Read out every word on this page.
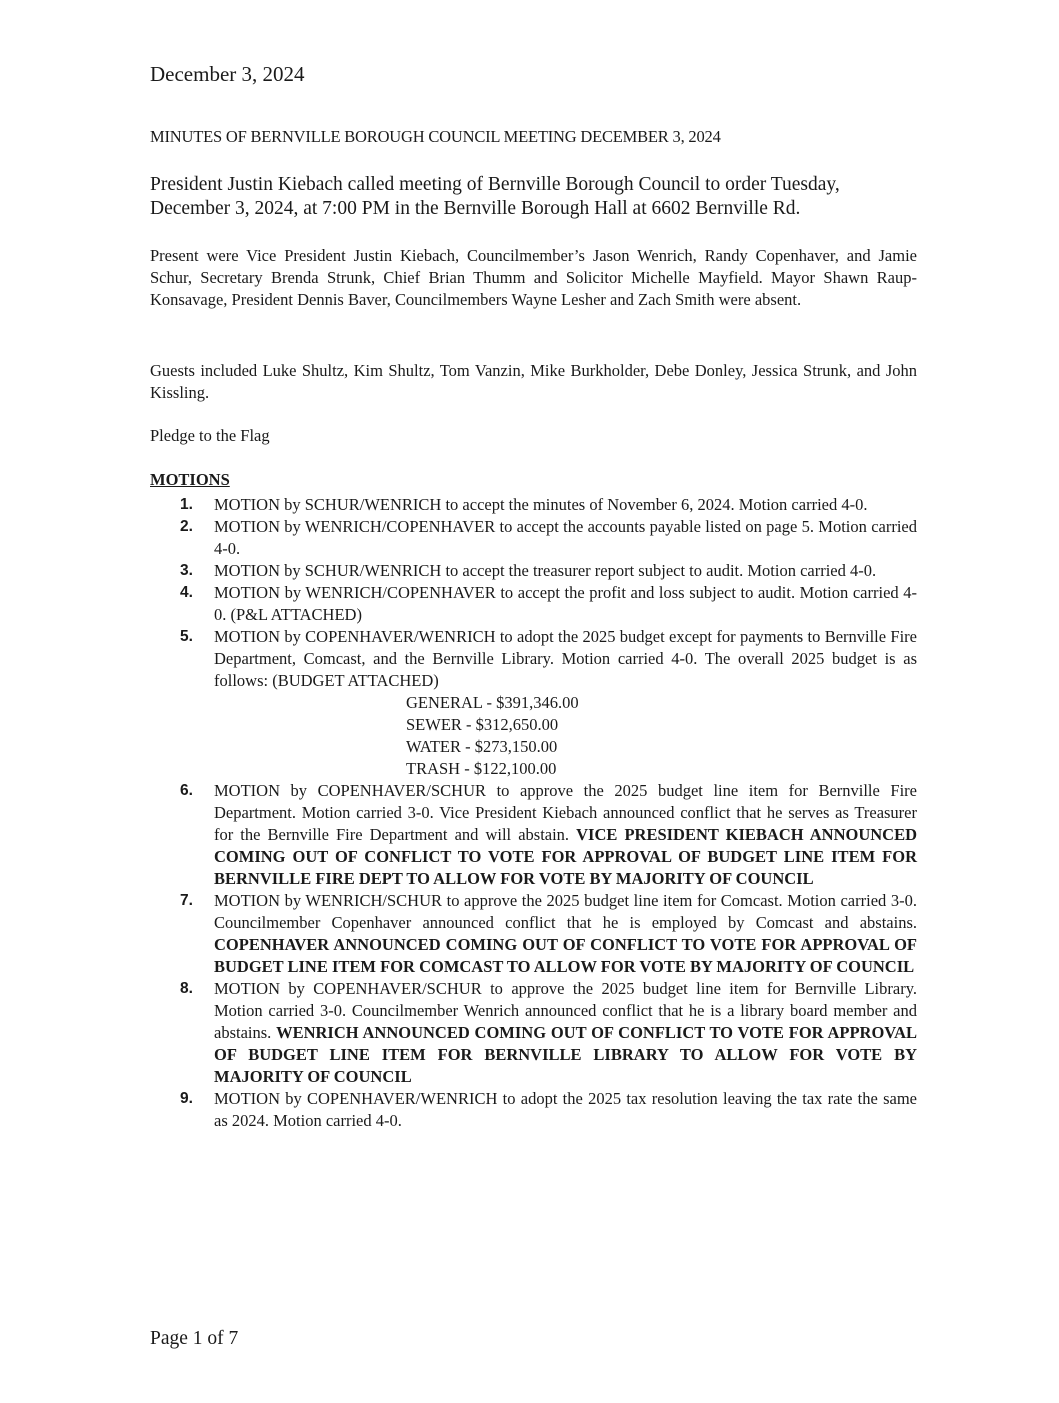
December 3, 2024

MINUTES OF BERNVILLE BOROUGH COUNCIL MEETING DECEMBER 3, 2024

President Justin Kiebach called meeting of Bernville Borough Council to order Tuesday, December 3, 2024, at 7:00 PM in the Bernville Borough Hall at 6602 Bernville Rd.

Present were Vice President Justin Kiebach, Councilmember’s Jason Wenrich, Randy Copenhaver, and Jamie Schur, Secretary Brenda Strunk, Chief Brian Thumm and Solicitor Michelle Mayfield. Mayor Shawn Raup-Konsavage, President Dennis Baver, Councilmembers Wayne Lesher and Zach Smith were absent.

Guests included Luke Shultz, Kim Shultz, Tom Vanzin, Mike Burkholder, Debe Donley, Jessica Strunk, and John Kissling.

Pledge to the Flag

MOTIONS

1. MOTION by SCHUR/WENRICH to accept the minutes of November 6, 2024. Motion carried 4-0.
2. MOTION by WENRICH/COPENHAVER to accept the accounts payable listed on page 5. Motion carried 4-0.
3. MOTION by SCHUR/WENRICH to accept the treasurer report subject to audit. Motion carried 4-0.
4. MOTION by WENRICH/COPENHAVER to accept the profit and loss subject to audit. Motion carried 4-0. (P&L ATTACHED)
5. MOTION by COPENHAVER/WENRICH to adopt the 2025 budget except for payments to Bernville Fire Department, Comcast, and the Bernville Library. Motion carried 4-0. The overall 2025 budget is as follows: (BUDGET ATTACHED)
GENERAL - $391,346.00
SEWER - $312,650.00
WATER - $273,150.00
TRASH - $122,100.00
6. MOTION by COPENHAVER/SCHUR to approve the 2025 budget line item for Bernville Fire Department. Motion carried 3-0. Vice President Kiebach announced conflict that he serves as Treasurer for the Bernville Fire Department and will abstain. VICE PRESIDENT KIEBACH ANNOUNCED COMING OUT OF CONFLICT TO VOTE FOR APPROVAL OF BUDGET LINE ITEM FOR BERNVILLE FIRE DEPT TO ALLOW FOR VOTE BY MAJORITY OF COUNCIL
7. MOTION by WENRICH/SCHUR to approve the 2025 budget line item for Comcast. Motion carried 3-0. Councilmember Copenhaver announced conflict that he is employed by Comcast and abstains. COPENHAVER ANNOUNCED COMING OUT OF CONFLICT TO VOTE FOR APPROVAL OF BUDGET LINE ITEM FOR COMCAST TO ALLOW FOR VOTE BY MAJORITY OF COUNCIL
8. MOTION by COPENHAVER/SCHUR to approve the 2025 budget line item for Bernville Library. Motion carried 3-0. Councilmember Wenrich announced conflict that he is a library board member and abstains. WENRICH ANNOUNCED COMING OUT OF CONFLICT TO VOTE FOR APPROVAL OF BUDGET LINE ITEM FOR BERNVILLE LIBRARY TO ALLOW FOR VOTE BY MAJORITY OF COUNCIL
9. MOTION by COPENHAVER/WENRICH to adopt the 2025 tax resolution leaving the tax rate the same as 2024. Motion carried 4-0.

Page 1 of 7
